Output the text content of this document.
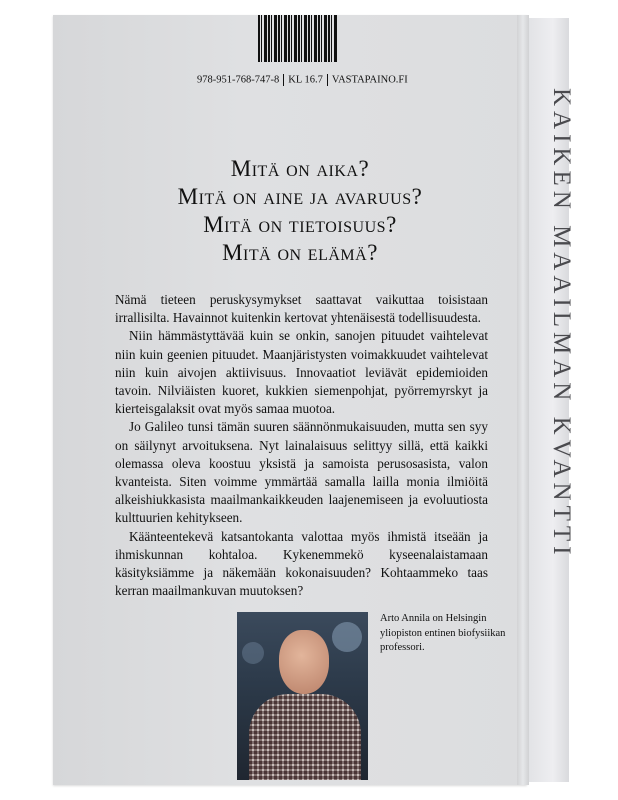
KAIKEN MAAILMAN KVANTTI
978-951-768-747-8 KL 16.7 VASTAPAINO.FI
Mitä on aika?
Mitä on aine ja avaruus?
Mitä on tietoisuus?
Mitä on elämä?

Nämä tieteen peruskysymykset saattavat vaikuttaa toisistaan irrallisilta. Havainnot kuitenkin kertovat yhtenäisestä todellisuudesta.

Niin hämmästyttävää kuin se onkin, sanojen pituudet vaihtelevat niin kuin geenien pituudet. Maanjäristysten voimakkuudet vaihtelevat niin kuin aivojen aktiivisuus. Innovaatiot leviävät epidemioiden tavoin. Nilviäisten kuoret, kukkien siemenpohjat, pyörremyrskyt ja kierteisgalaksit ovat myös samaa muotoa.

Jo Galileo tunsi tämän suuren säännönmukaisuuden, mutta sen syy on säilynyt arvoituksena. Nyt lainalaisuus selittyy sillä, että kaikki olemassa oleva koostuu yksistä ja samoista perusosasista, valon kvanteista. Siten voimme ymmärtää samalla lailla monia ilmiöitä alkeishiukkasista maailmankaikkeuden laajenemiseen ja evoluutiosta kulttuurien kehitykseen.

Käänteentekevä katsantokanta valottaa myös ihmistä itseään ja ihmiskunnan kohtaloa. Kykenemmekö kyseenalaistamaan käsityksiämme ja näkemään kokonaisuuden? Kohtaammeko taas kerran maailmankuvan muutoksen?

Arto Annila on Helsingin yliopiston entinen biofysiikan professori.
